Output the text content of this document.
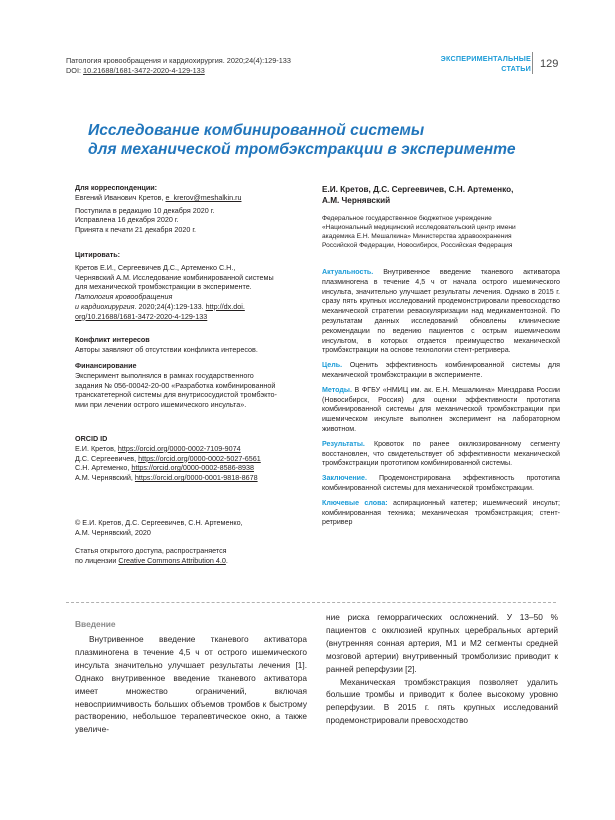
Патология кровообращения и кардиохирургия. 2020;24(4):129-133
DOI: 10.21688/1681-3472-2020-4-129-133
ЭКСПЕРИМЕНТАЛЬНЫЕ
СТАТЬИ 129
Исследование комбинированной системы
для механической тромбэкстракции в эксперименте

Для корреспонденции:

Евгений Иванович Кретов, e_krerov@meshalkin.ru

Поступила в редакцию 10 декабря 2020 г.

Исправлена 16 декабря 2020 г.

Принята к печати 21 декабря 2020 г.

Цитировать:

Кретов Е.И., Сергеевичев Д.С., Артеменко С.Н.,

Чернявский А.М. Исследование комбинированной системы

для механической тромбэкстракции в эксперименте.

Патология кровообращения

и кардиохирургия. 2020;24(4):129-133. http://dx.doi.

org/10.21688/1681-3472-2020-4-129-133

Конфликт интересов

Авторы заявляют об отсутствии конфликта интересов.

Финансирование

Эксперимент выполнялся в рамках государственного

задания № 056-00042-20-00 «Разработка комбинированной

транскатетерной системы для внутрисосудистой тромбэкто-

мии при лечении острого ишемического инсульта».

ORCID ID

Е.И. Кретов, https://orcid.org/0000-0002-7109-9074

Д.С. Сергеевичев, https://orcid.org/0000-0002-5027-6561

С.Н. Артеменко, https://orcid.org/0000-0002-8586-8938

А.М. Чернявский, https://orcid.org/0000-0001-9818-8678

© Е.И. Кретов, Д.С. Сергеевичев, С.Н. Артеменко,

А.М. Чернявский, 2020

Статья открытого доступа, распространяется

по лицензии Creative Commons Attribution 4.0.

Е.И. Кретов, Д.С. Сергеевичев, С.Н. Артеменко,
А.М. Чернявский
Федеральное государственное бюджетное учреждение
«Национальный медицинский исследовательский центр имени
академика Е.Н. Мешалкина» Министерства здравоохранения
Российской Федерации, Новосибирск, Российская Федерация

Актуальность. Внутривенное введение тканевого активатора плазминогена в течение 4,5 ч от начала острого ишемического инсульта, значительно улучшает результаты лечения. Однако в 2015 г. сразу пять крупных исследований продемонстрировали превосходство механической стратегии реваскуляризации над медикаментозной. По результатам данных исследований обновлены клинические рекомендации по ведению пациентов с острым ишемическим инсультом, в которых отдается преимущество механической тромбэкстракции на основе технологии стент-ретривера.

Цель. Оценить эффективность комбинированной системы для механической тромбэкстракции в эксперименте.

Методы. В ФГБУ «НМИЦ им. ак. Е.Н. Мешалкина» Минздрава России (Новосибирск, Россия) для оценки эффективности прототипа комбинированной системы для механической тромбэкстракции при ишемическом инсульте выполнен эксперимент на лабораторном животном.

Результаты. Кровоток по ранее окклюзированному сегменту восстановлен, что свидетельствует об эффективности механической тромбэкстракции прототипом комбинированной системы.

Заключение. Продемонстрирована эффективность прототипа комбинированной системы для механической тромбэкстракции.

Ключевые слова: аспирационный катетер; ишемический инсульт; комбинированная техника; механическая тромбэкстракция; стент-ретривер

Введение

Внутривенное введение тканевого активатора плазминогена в течение 4,5 ч от острого ишемического инсульта значительно улучшает результаты лечения [1]. Однако внутривенное введение тканевого активатора имеет множество ограничений, включая невосприимчивость больших объемов тромбов к быстрому растворению, небольшое терапевтическое окно, а также увеличе-

ние риска геморрагических осложнений. У 13–50 % пациентов с окклюзией крупных церебральных артерий (внутренняя сонная артерия, М1 и М2 сегменты средней мозговой артерии) внутривенный тромболизис приводит к ранней реперфузии [2].

Механическая тромбэкстракция позволяет удалить большие тромбы и приводит к более высокому уровню реперфузии. В 2015 г. пять крупных исследований продемонстрировали превосходство
